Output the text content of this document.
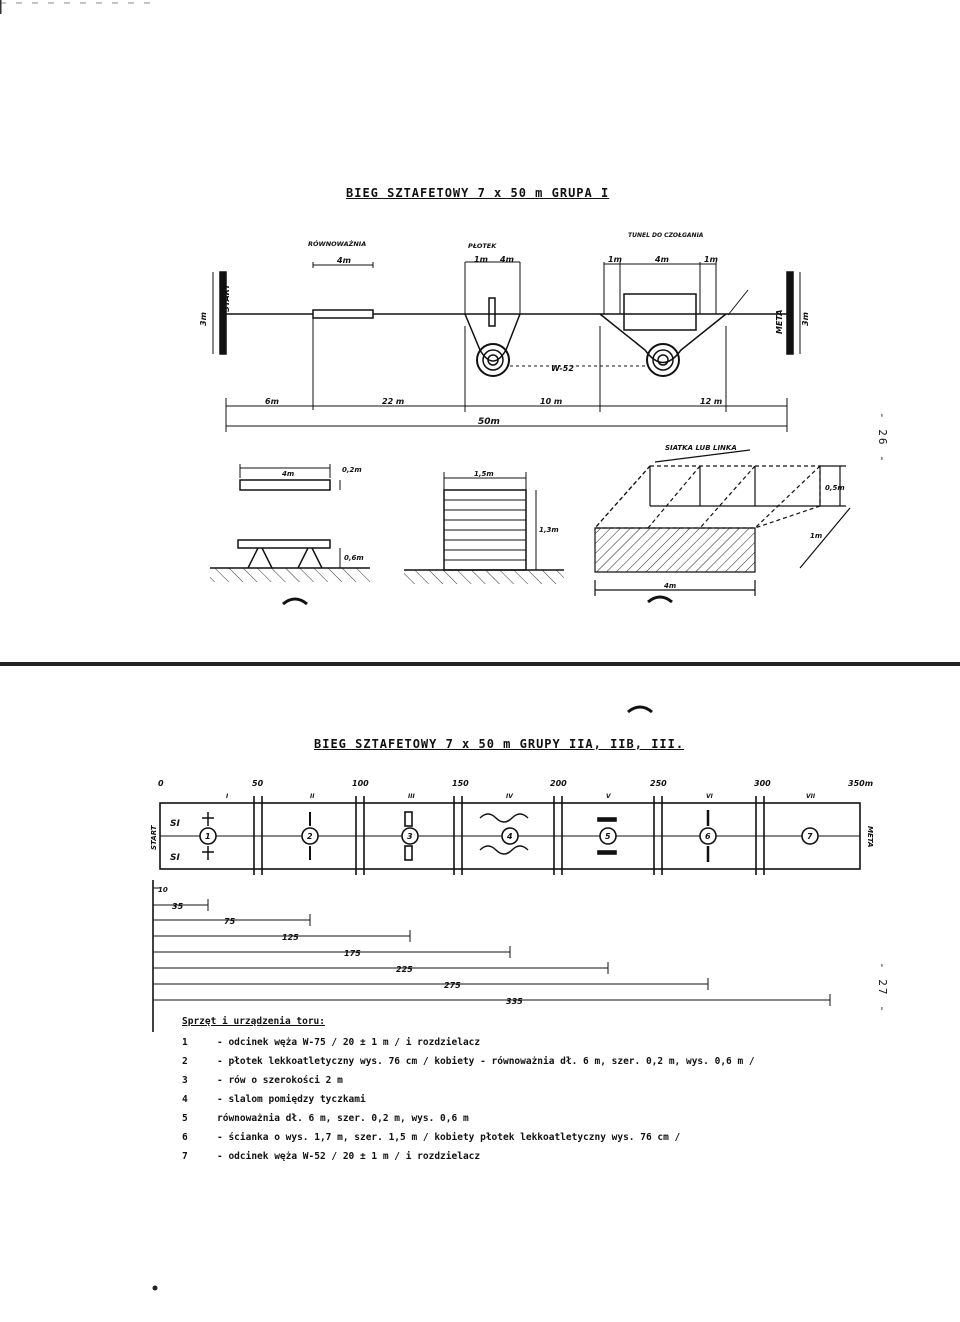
BIEG SZTAFETOWY 7 x 50 m GRUPA I
BIEG SZTAFETOWY 7 x 50 m GRUPY IIA, IIB, III.
- 26 -
- 27 -
START
3m	META 3m
RÓWNOWAŻNIA
4m
PŁOTEK
1m 4m
TUNEL DO CZOŁGANIA
1m	4m	1m
W-52
6m	22 m	10 m	12 m
50m
SIATKA LUB LINKA
4m	0,2m
0,6m
1,5m
1,3m
0,5m
1m
4m
START	META
0	50	100	150	200	250	300	350m
I	II	III	IV	V	VI	VII
1	2	3	4	5	6	7
SI
SI
10
35
75
125
175
225
275
335
Sprzęt i urządzenia toru:
1	- odcinek węża W-75 / 20 ± 1 m / i rozdzielacz
2	- płotek lekkoatletyczny wys. 76 cm / kobiety - równoważnia dł. 6 m, szer. 0,2 m, wys. 0,6 m /
3	- rów o szerokości 2 m
4	- slalom pomiędzy tyczkami
5	równoważnia dł. 6 m, szer. 0,2 m, wys. 0,6 m
6	- ścianka o wys. 1,7 m, szer. 1,5 m / kobiety płotek lekkoatletyczny wys. 76 cm /
7	- odcinek węża W-52 / 20 ± 1 m / i rozdzielacz
